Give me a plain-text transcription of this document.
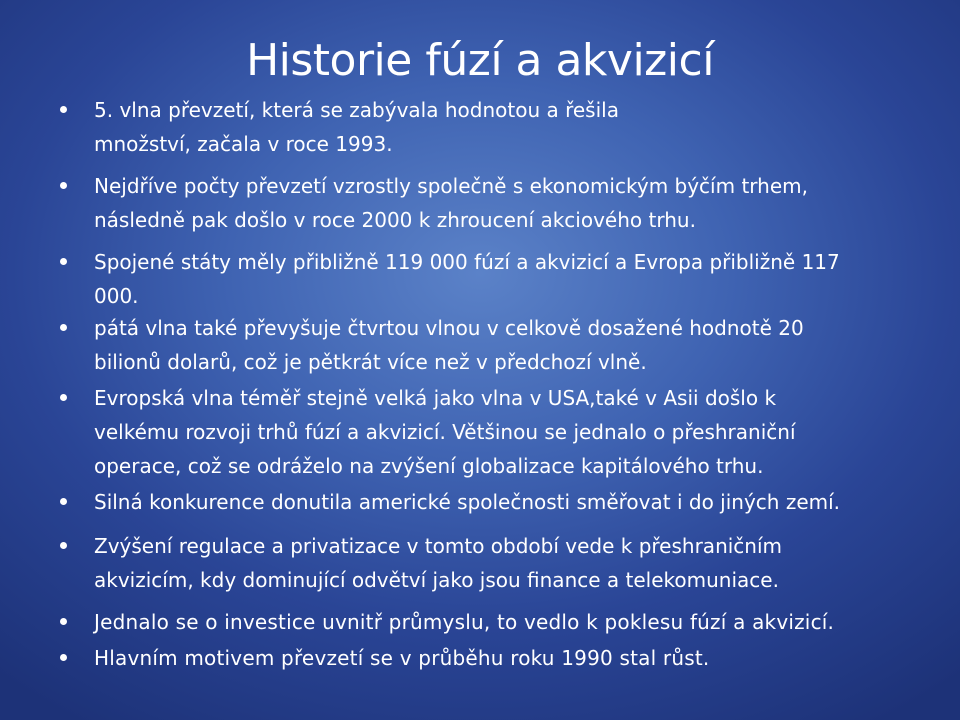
Historie fúzí a akvizicí
5. vlna převzetí, která se zabývala hodnotou a řešila
množství, začala v roce 1993.
Nejdříve počty převzetí vzrostly společně s ekonomickým býčím trhem,
následně pak došlo v roce 2000 k zhroucení akciového trhu.
Spojené státy měly přibližně 119 000 fúzí a akvizicí a Evropa přibližně 117
000.
pátá vlna také převyšuje čtvrtou vlnou v celkově dosažené hodnotě 20
bilionů dolarů, což je pětkrát více než v předchozí vlně.
Evropská vlna téměř stejně velká jako vlna v USA,také v Asii došlo k
velkému rozvoji trhů fúzí a akvizicí. Většinou se jednalo o přeshraniční
operace, což se odráželo na zvýšení globalizace kapitálového trhu.
Silná konkurence donutila americké společnosti směřovat i do jiných zemí.
Zvýšení regulace a privatizace v tomto období vede k přeshraničním
akvizicím, kdy dominující odvětví jako jsou finance a telekomuniace.
Jednalo se o investice uvnitř průmyslu, to vedlo k poklesu fúzí a akvizicí.
Hlavním motivem převzetí se v průběhu roku 1990 stal růst.
